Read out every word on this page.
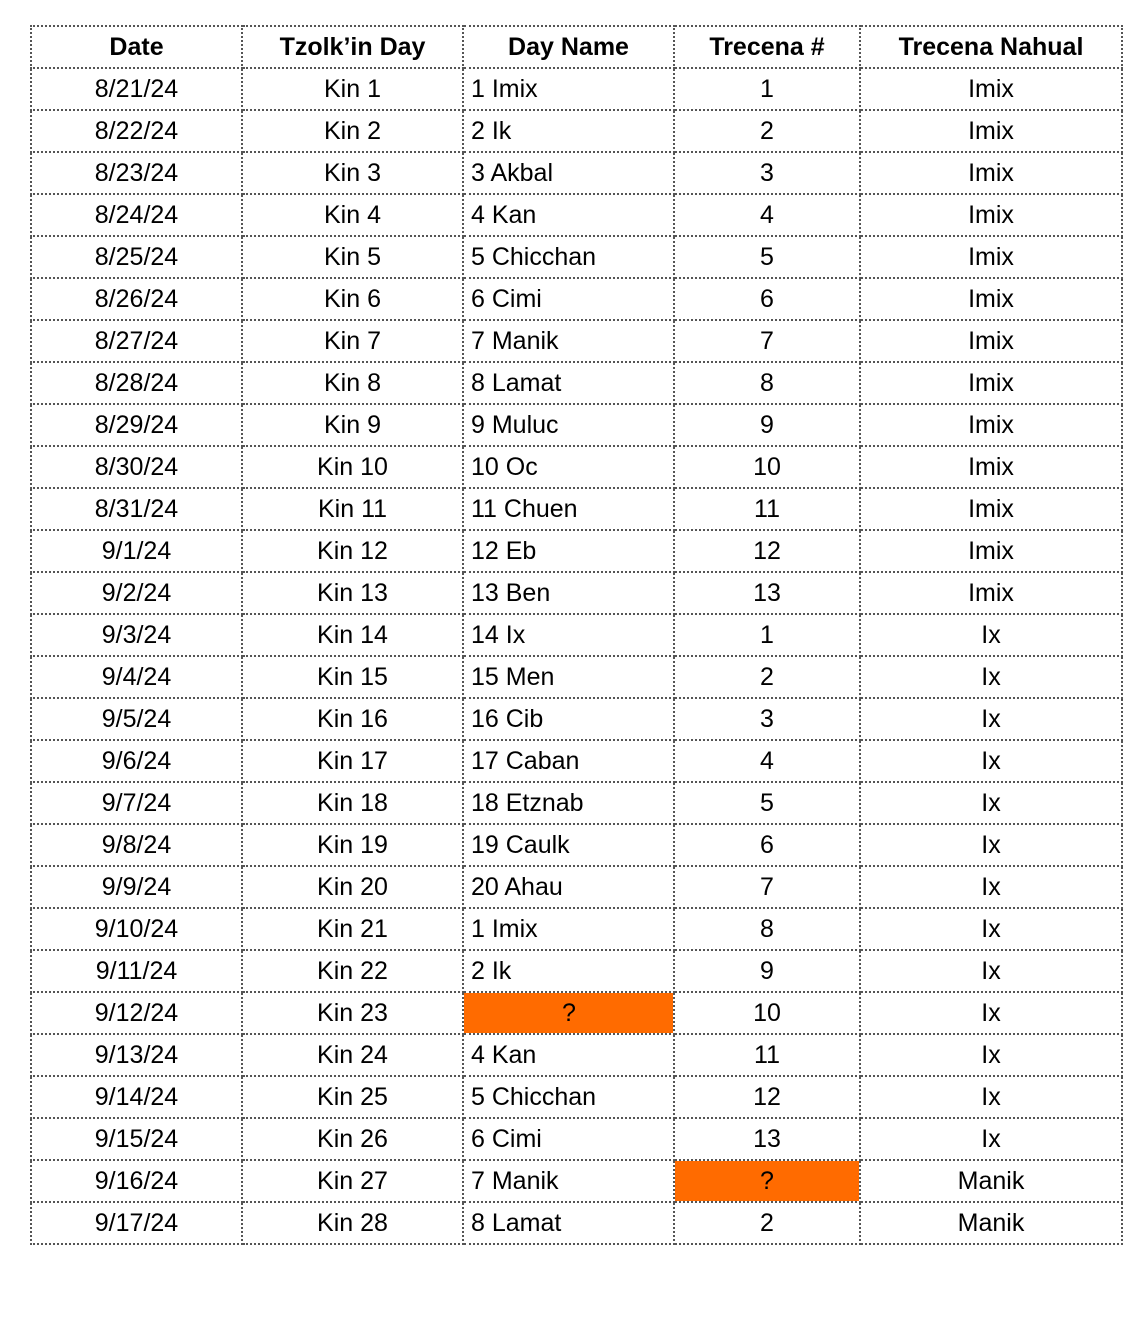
Date	Tzolk’in Day	Day Name	Trecena #	Trecena Nahual
8/21/24	Kin 1	1 Imix	1	Imix
8/22/24	Kin 2	2 Ik	2	Imix
8/23/24	Kin 3	3 Akbal	3	Imix
8/24/24	Kin 4	4 Kan	4	Imix
8/25/24	Kin 5	5 Chicchan	5	Imix
8/26/24	Kin 6	6 Cimi	6	Imix
8/27/24	Kin 7	7 Manik	7	Imix
8/28/24	Kin 8	8 Lamat	8	Imix
8/29/24	Kin 9	9 Muluc	9	Imix
8/30/24	Kin 10	10 Oc	10	Imix
8/31/24	Kin 11	11 Chuen	11	Imix
9/1/24	Kin 12	12 Eb	12	Imix
9/2/24	Kin 13	13 Ben	13	Imix
9/3/24	Kin 14	14 Ix	1	Ix
9/4/24	Kin 15	15 Men	2	Ix
9/5/24	Kin 16	16 Cib	3	Ix
9/6/24	Kin 17	17 Caban	4	Ix
9/7/24	Kin 18	18 Etznab	5	Ix
9/8/24	Kin 19	19 Caulk	6	Ix
9/9/24	Kin 20	20 Ahau	7	Ix
9/10/24	Kin 21	1 Imix	8	Ix
9/11/24	Kin 22	2 Ik	9	Ix
9/12/24	Kin 23	?	10	Ix
9/13/24	Kin 24	4 Kan	11	Ix
9/14/24	Kin 25	5 Chicchan	12	Ix
9/15/24	Kin 26	6 Cimi	13	Ix
9/16/24	Kin 27	7 Manik	?	Manik
9/17/24	Kin 28	8 Lamat	2	Manik
